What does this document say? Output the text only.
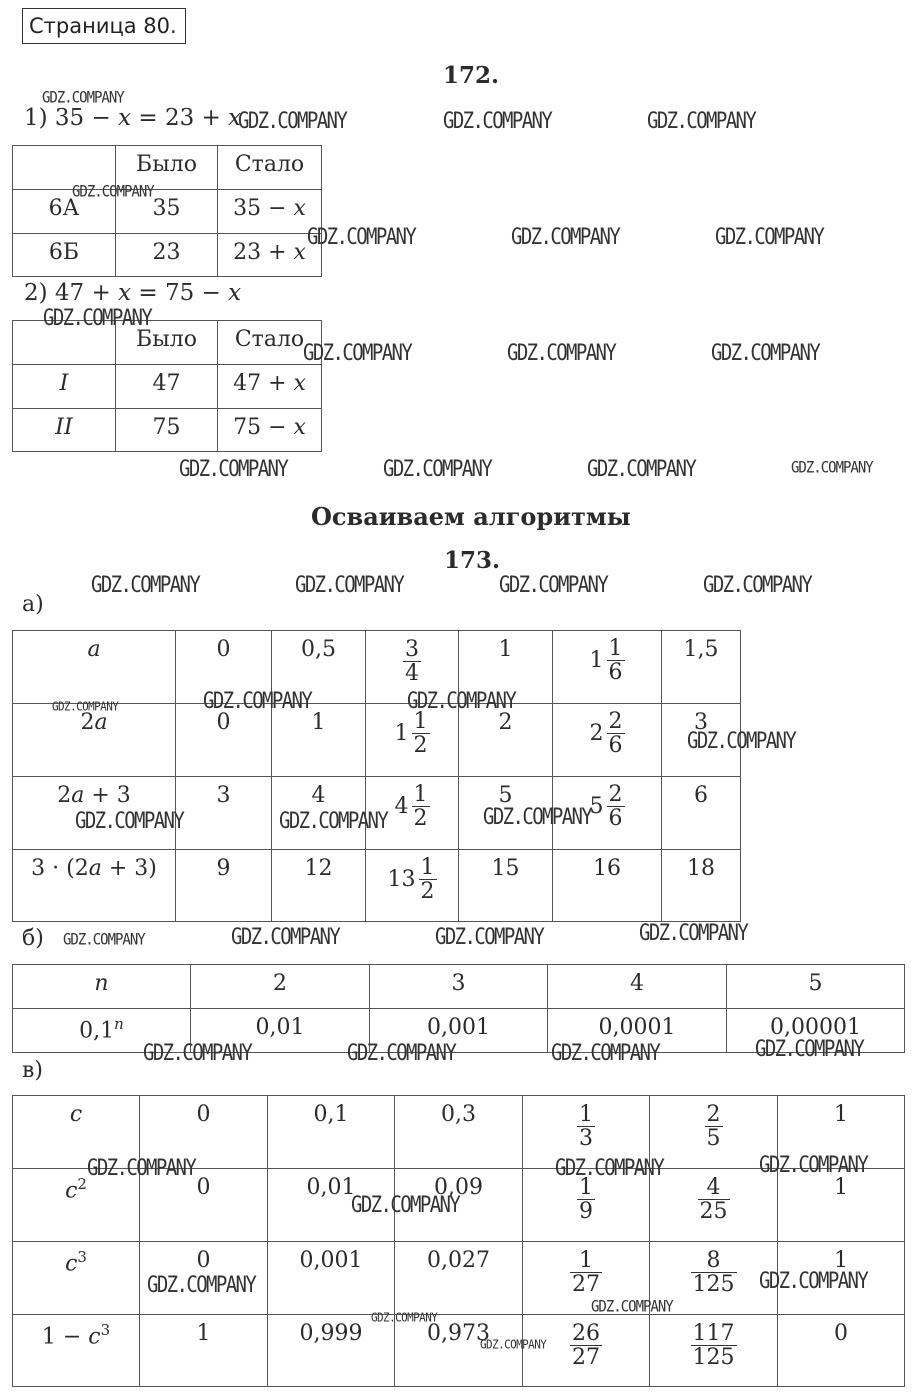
Страница 80.
172.
1) 35 − x = 23 + x
	Было	Стало
6А	35	35 − x
6Б	23	23 + x
2) 47 + x = 75 − x
	Было	Стало
I	47	47 + x
II	75	75 − x
Осваиваем алгоритмы
173.
а)
a	0	0,5	$\frac{3}{4}$	1	$1 \frac{1}{6}$	1,5
2a	0	1	$1 \frac{1}{2}$	2	$2 \frac{2}{6}$	3
2a + 3	3	4	$4 \frac{1}{2}$	5	$5 \frac{2}{6}$	6
3 · (2a + 3)	9	12	$13 \frac{1}{2}$	15	16	18
б)
n	2	3	4	5
0,1$^n$	0,01	0,001	0,0001	0,00001
в)
c	0	0,1	0,3	$\frac{1}{3}$	$\frac{2}{5}$	1
$c^2$	0	0,01	0,09	$\frac{1}{9}$	$\frac{4}{25}$	1
$c^3$	0	0,001	0,027	$\frac{1}{27}$	$\frac{8}{125}$	1
$1 - c^3$	1	0,999	0,973	$\frac{26}{27}$	$\frac{117}{125}$	0
GDZ.COMPANY
GDZ.COMPANY	GDZ.COMPANY	GDZ.COMPANY
GDZ.COMPANY
GDZ.COMPANY	GDZ.COMPANY	GDZ.COMPANY
GDZ.COMPANY
GDZ.COMPANY	GDZ.COMPANY	GDZ.COMPANY
GDZ.COMPANY	GDZ.COMPANY	GDZ.COMPANY	GDZ.COMPANY
GDZ.COMPANY	GDZ.COMPANY	GDZ.COMPANY	GDZ.COMPANY
GDZ.COMPANY	GDZ.COMPANY	GDZ.COMPANY
GDZ.COMPANY
GDZ.COMPANY	GDZ.COMPANY	GDZ.COMPANY
GDZ.COMPANY	GDZ.COMPANY	GDZ.COMPANY	GDZ.COMPANY
GDZ.COMPANY	GDZ.COMPANY	GDZ.COMPANY	GDZ.COMPANY
GDZ.COMPANY	GDZ.COMPANY	GDZ.COMPANY
GDZ.COMPANY
GDZ.COMPANY	GDZ.COMPANY
GDZ.COMPANY
GDZ.COMPANY
GDZ.COMPANY
